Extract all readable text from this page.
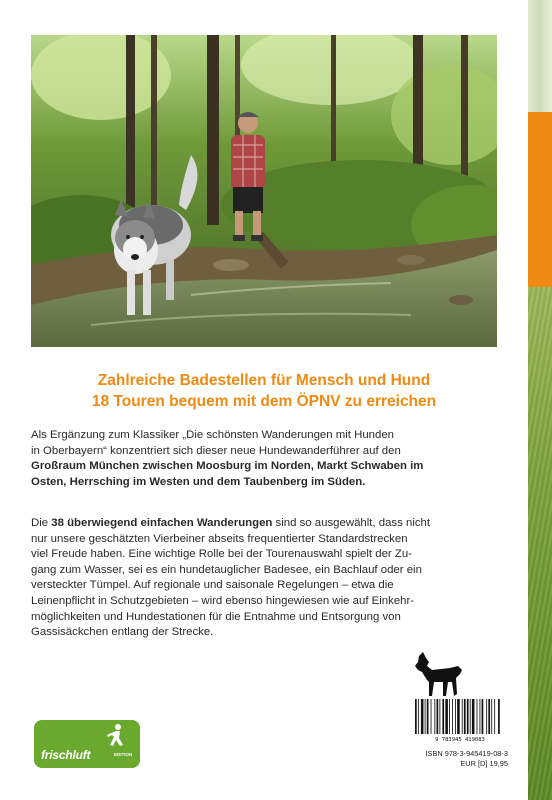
Zahlreiche Badestellen für Mensch und Hund
18 Touren bequem mit dem ÖPNV zu erreichen
Als Ergänzung zum Klassiker „Die schönsten Wanderungen mit Hunden
in Oberbayern“ konzentriert sich dieser neue Hundewanderführer auf den
Großraum München zwischen Moosburg im Norden, Markt Schwaben im
Osten, Herrsching im Westen und dem Taubenberg im Süden.
Die 38 überwiegend einfachen Wanderungen sind so ausgewählt, dass nicht
nur unsere geschätzten Vierbeiner abseits frequentierter Standardstrecken
viel Freude haben. Eine wichtige Rolle bei der Tourenauswahl spielt der Zu-
gang zum Wasser, sei es ein hundetauglicher Badesee, ein Bachlauf oder ein
versteckter Tümpel. Auf regionale und saisonale Regelungen – etwa die
Leinenpflicht in Schutzgebieten – wird ebenso hingewiesen wie auf Einkehr-
möglichkeiten und Hundestationen für die Entnahme und Entsorgung von
Gassisäckchen entlang der Strecke.
frischluft	EDITION
9 783945 419083
ISBN 978-3-945419-08-3
EUR [D] 19,95
